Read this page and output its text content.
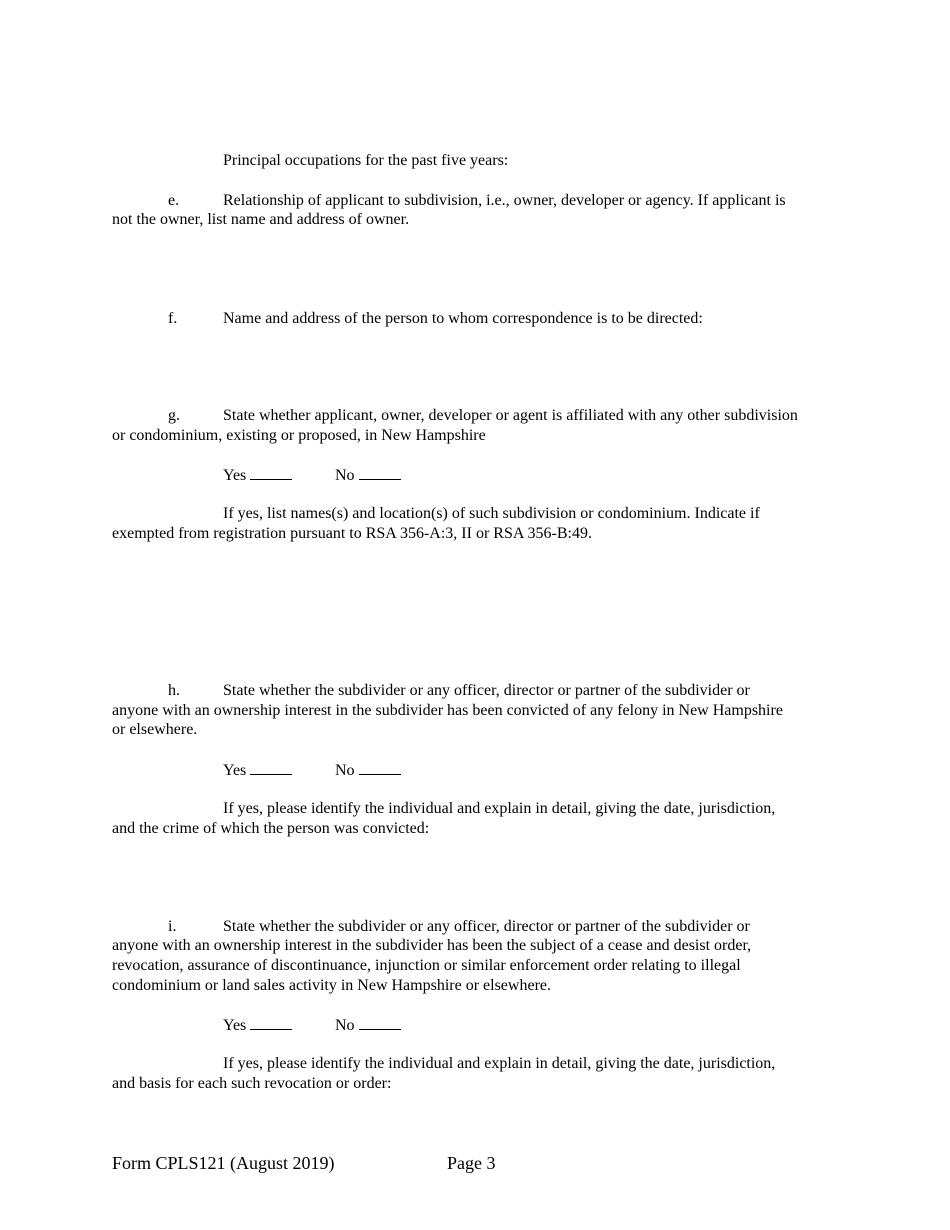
Principal occupations for the past five years:
e.	Relationship of applicant to subdivision, i.e., owner, developer or agency. If applicant is
not the owner, list name and address of owner.
f.	Name and address of the person to whom correspondence is to be directed:
g.	State whether applicant, owner, developer or agent is affiliated with any other subdivision
or condominium, existing or proposed, in New Hampshire
Yes	No
If yes, list names(s) and location(s) of such subdivision or condominium. Indicate if
exempted from registration pursuant to RSA 356-A:3, II or RSA 356-B:49.
h.	State whether the subdivider or any officer, director or partner of the subdivider or
anyone with an ownership interest in the subdivider has been convicted of any felony in New Hampshire
or elsewhere.
Yes	No
If yes, please identify the individual and explain in detail, giving the date, jurisdiction,
and the crime of which the person was convicted:
i.	State whether the subdivider or any officer, director or partner of the subdivider or
anyone with an ownership interest in the subdivider has been the subject of a cease and desist order,
revocation, assurance of discontinuance, injunction or similar enforcement order relating to illegal
condominium or land sales activity in New Hampshire or elsewhere.
Yes	No
If yes, please identify the individual and explain in detail, giving the date, jurisdiction,
and basis for each such revocation or order:
Form CPLS121 (August 2019)	Page 3
